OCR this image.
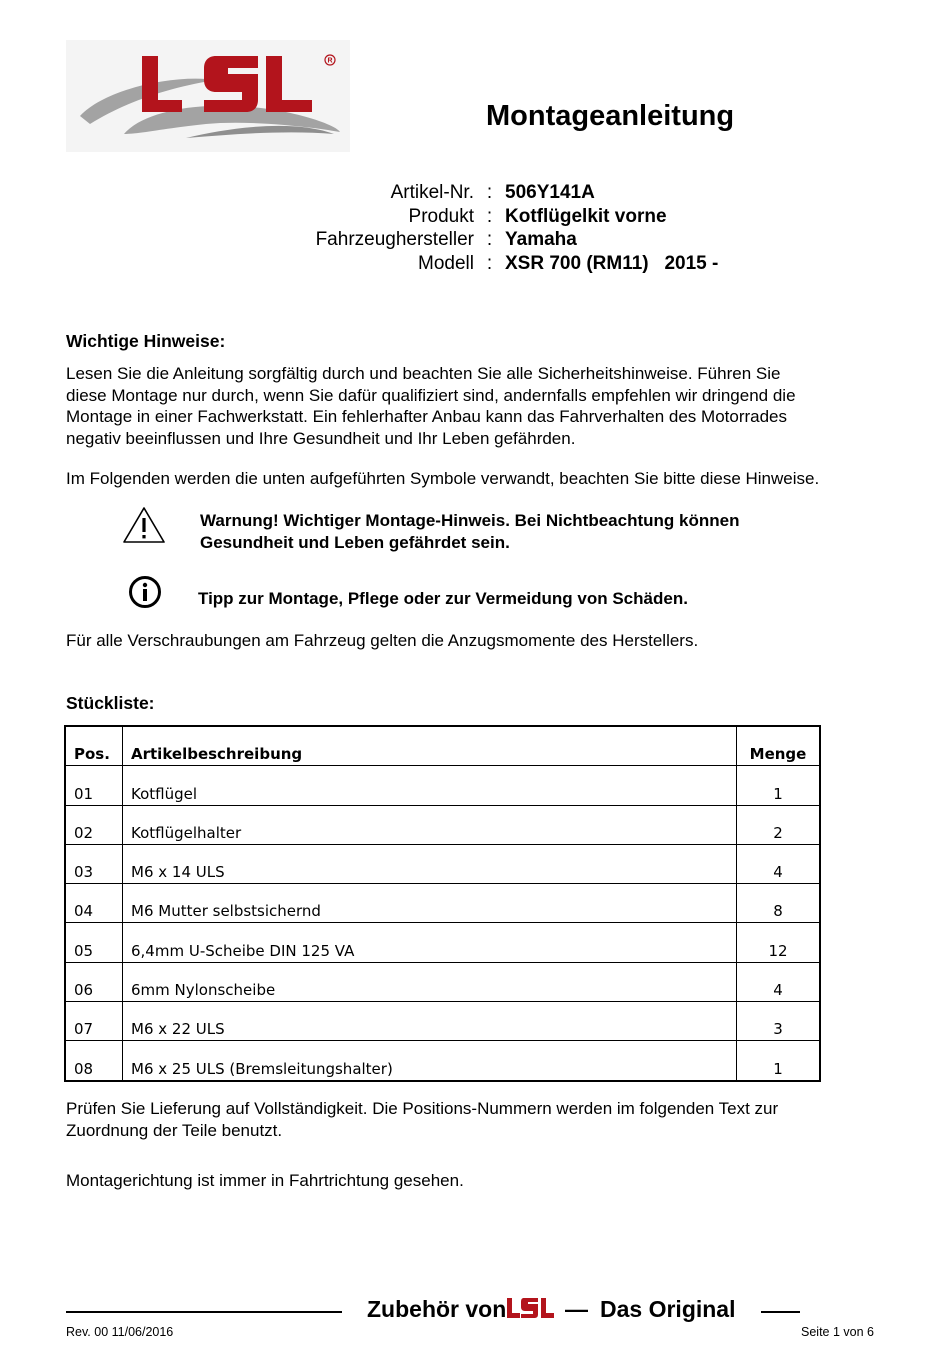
R
Montageanleitung
Artikel-Nr. : 506Y141A
Produkt : Kotflügelkit vorne
Fahrzeughersteller : Yamaha
Modell : XSR 700 (RM11)   2015 -
Wichtige Hinweise:
Lesen Sie die Anleitung sorgfältig durch und beachten Sie alle Sicherheitshinweise. Führen Sie
diese Montage nur durch, wenn Sie dafür qualifiziert sind, andernfalls empfehlen wir dringend die
Montage in einer Fachwerkstatt. Ein fehlerhafter Anbau kann das Fahrverhalten des Motorrades
negativ beeinflussen und Ihre Gesundheit und Ihr Leben gefährden.
Im Folgenden werden die unten aufgeführten Symbole verwandt, beachten Sie bitte diese Hinweise.
Warnung! Wichtiger Montage-Hinweis. Bei Nichtbeachtung können
Gesundheit und Leben gefährdet sein.
Tipp zur Montage, Pflege oder zur Vermeidung von Schäden.
Für alle Verschraubungen am Fahrzeug gelten die Anzugsmomente des Herstellers.
Stückliste:
Pos.	Artikelbeschreibung	Menge
01	Kotflügel	1
02	Kotflügelhalter	2
03	M6 x 14 ULS	4
04	M6 Mutter selbstsichernd	8
05	6,4mm U-Scheibe DIN 125 VA	12
06	6mm Nylonscheibe	4
07	M6 x 22 ULS	3
08	M6 x 25 ULS (Bremsleitungshalter)	1
Prüfen Sie Lieferung auf Vollständigkeit. Die Positions-Nummern werden im folgenden Text zur
Zuordnung der Teile benutzt.
Montagerichtung ist immer in Fahrtrichtung gesehen.
Zubehör von	— Das Original
Rev. 00 11/06/2016	Seite 1 von 6
